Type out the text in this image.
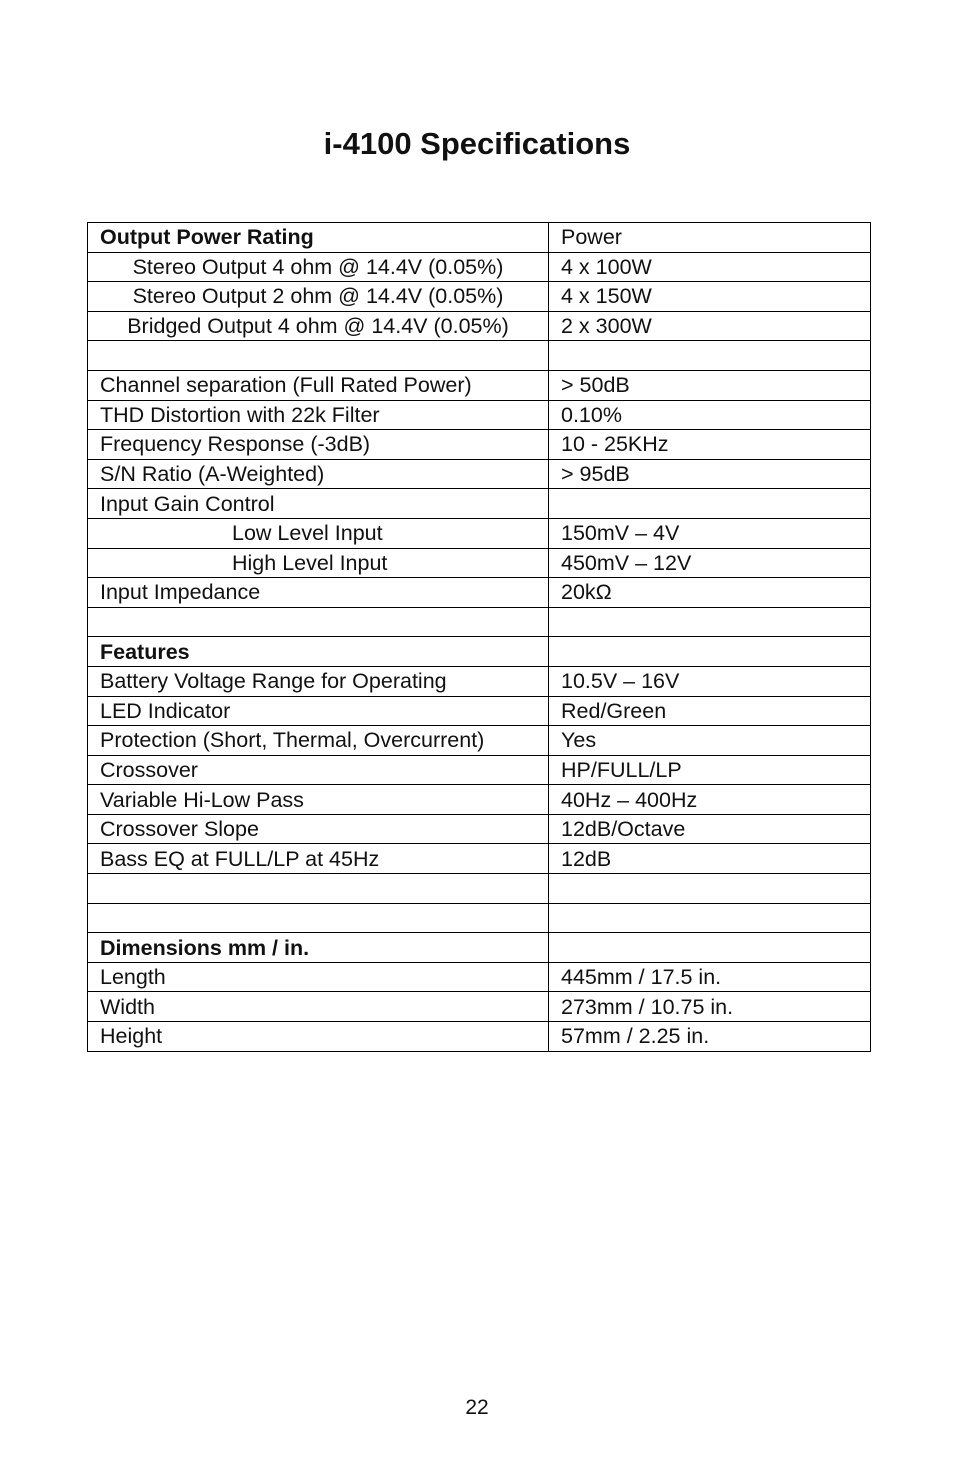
i-4100 Specifications
Output Power Rating	Power
Stereo Output 4 ohm @ 14.4V (0.05%)	4 x 100W
Stereo Output 2 ohm @ 14.4V (0.05%)	4 x 150W
Bridged Output 4 ohm @ 14.4V (0.05%)	2 x 300W

Channel separation (Full Rated Power)	> 50dB
THD Distortion with 22k Filter	0.10%
Frequency Response (-3dB)	10 - 25KHz
S/N Ratio (A-Weighted)	> 95dB
Input Gain Control	
Low Level Input	150mV – 4V
High Level Input	450mV – 12V
Input Impedance	20kΩ

Features	
Battery Voltage Range for Operating	10.5V – 16V
LED Indicator	Red/Green
Protection (Short, Thermal, Overcurrent)	Yes
Crossover	HP/FULL/LP
Variable Hi-Low Pass	40Hz – 400Hz
Crossover Slope	12dB/Octave
Bass EQ at FULL/LP at 45Hz	12dB

Dimensions mm / in.	
Length	445mm / 17.5 in.
Width	273mm / 10.75 in.
Height	57mm / 2.25 in.
22
